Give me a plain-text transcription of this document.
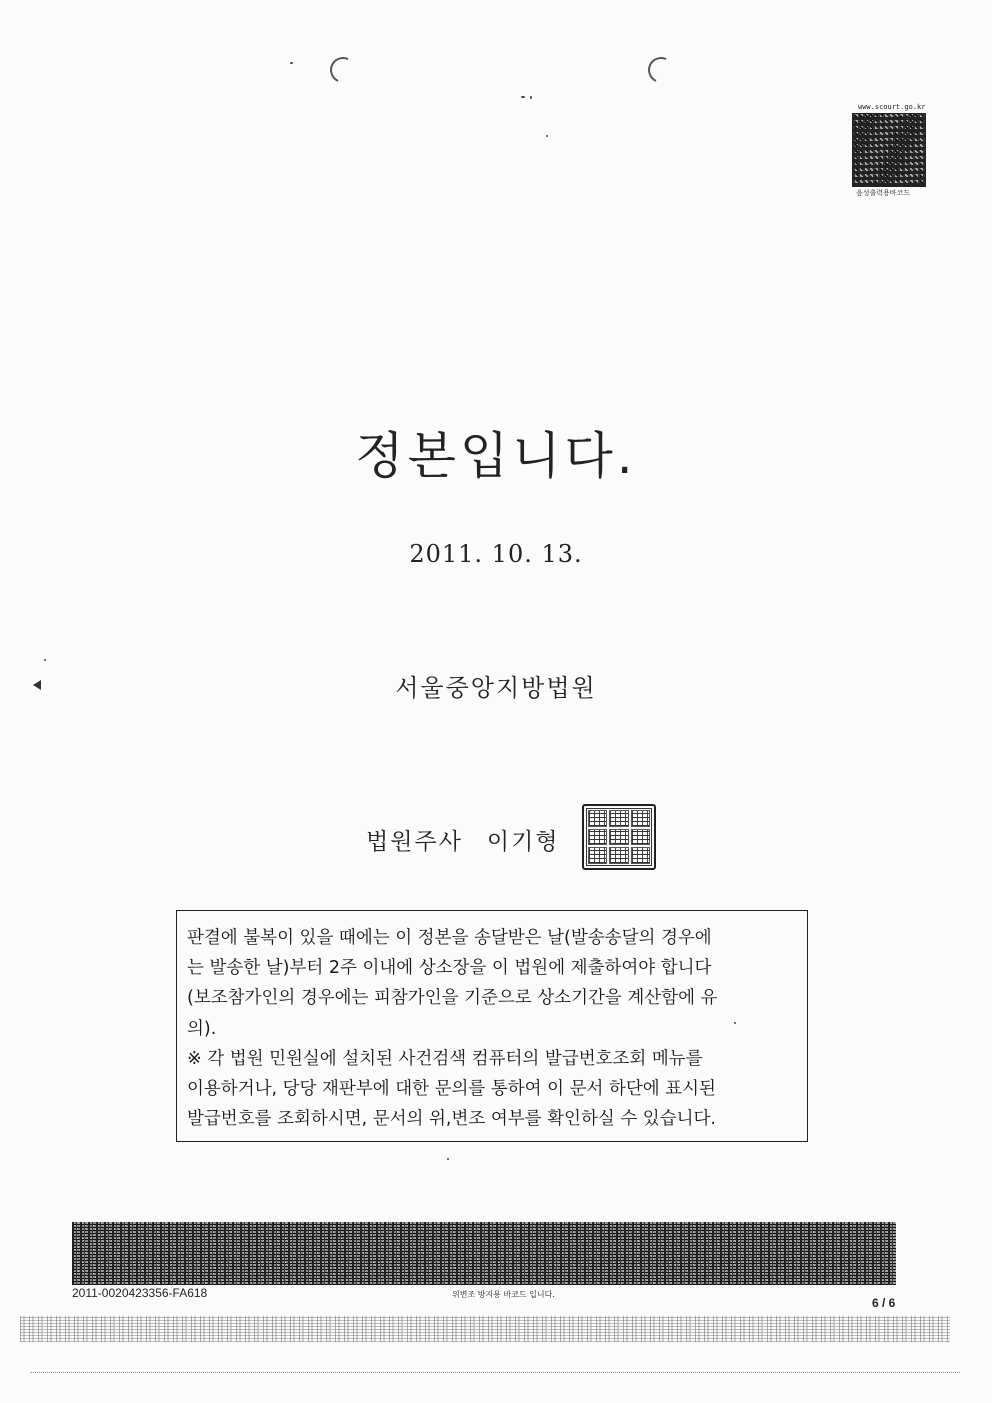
www.scourt.go.kr
음성출력용바코드
정본입니다.
2011. 10. 13.
서울중앙지방법원
법원주사 이기형

판결에 불복이 있을 때에는 이 정본을 송달받은 날(발송송달의 경우에

는 발송한 날)부터 2주 이내에 상소장을 이 법원에 제출하여야 합니다

(보조참가인의 경우에는 피참가인을 기준으로 상소기간을 계산함에 유

의).

※ 각 법원 민원실에 설치된 사건검색 컴퓨터의 발급번호조회 메뉴를

이용하거나, 당당 재판부에 대한 문의를 통하여 이 문서 하단에 표시된

발급번호를 조회하시면, 문서의 위,변조 여부를 확인하실 수 있습니다.

2011-0020423356-FA618	위변조 방지용 바코드 입니다.
6 / 6
